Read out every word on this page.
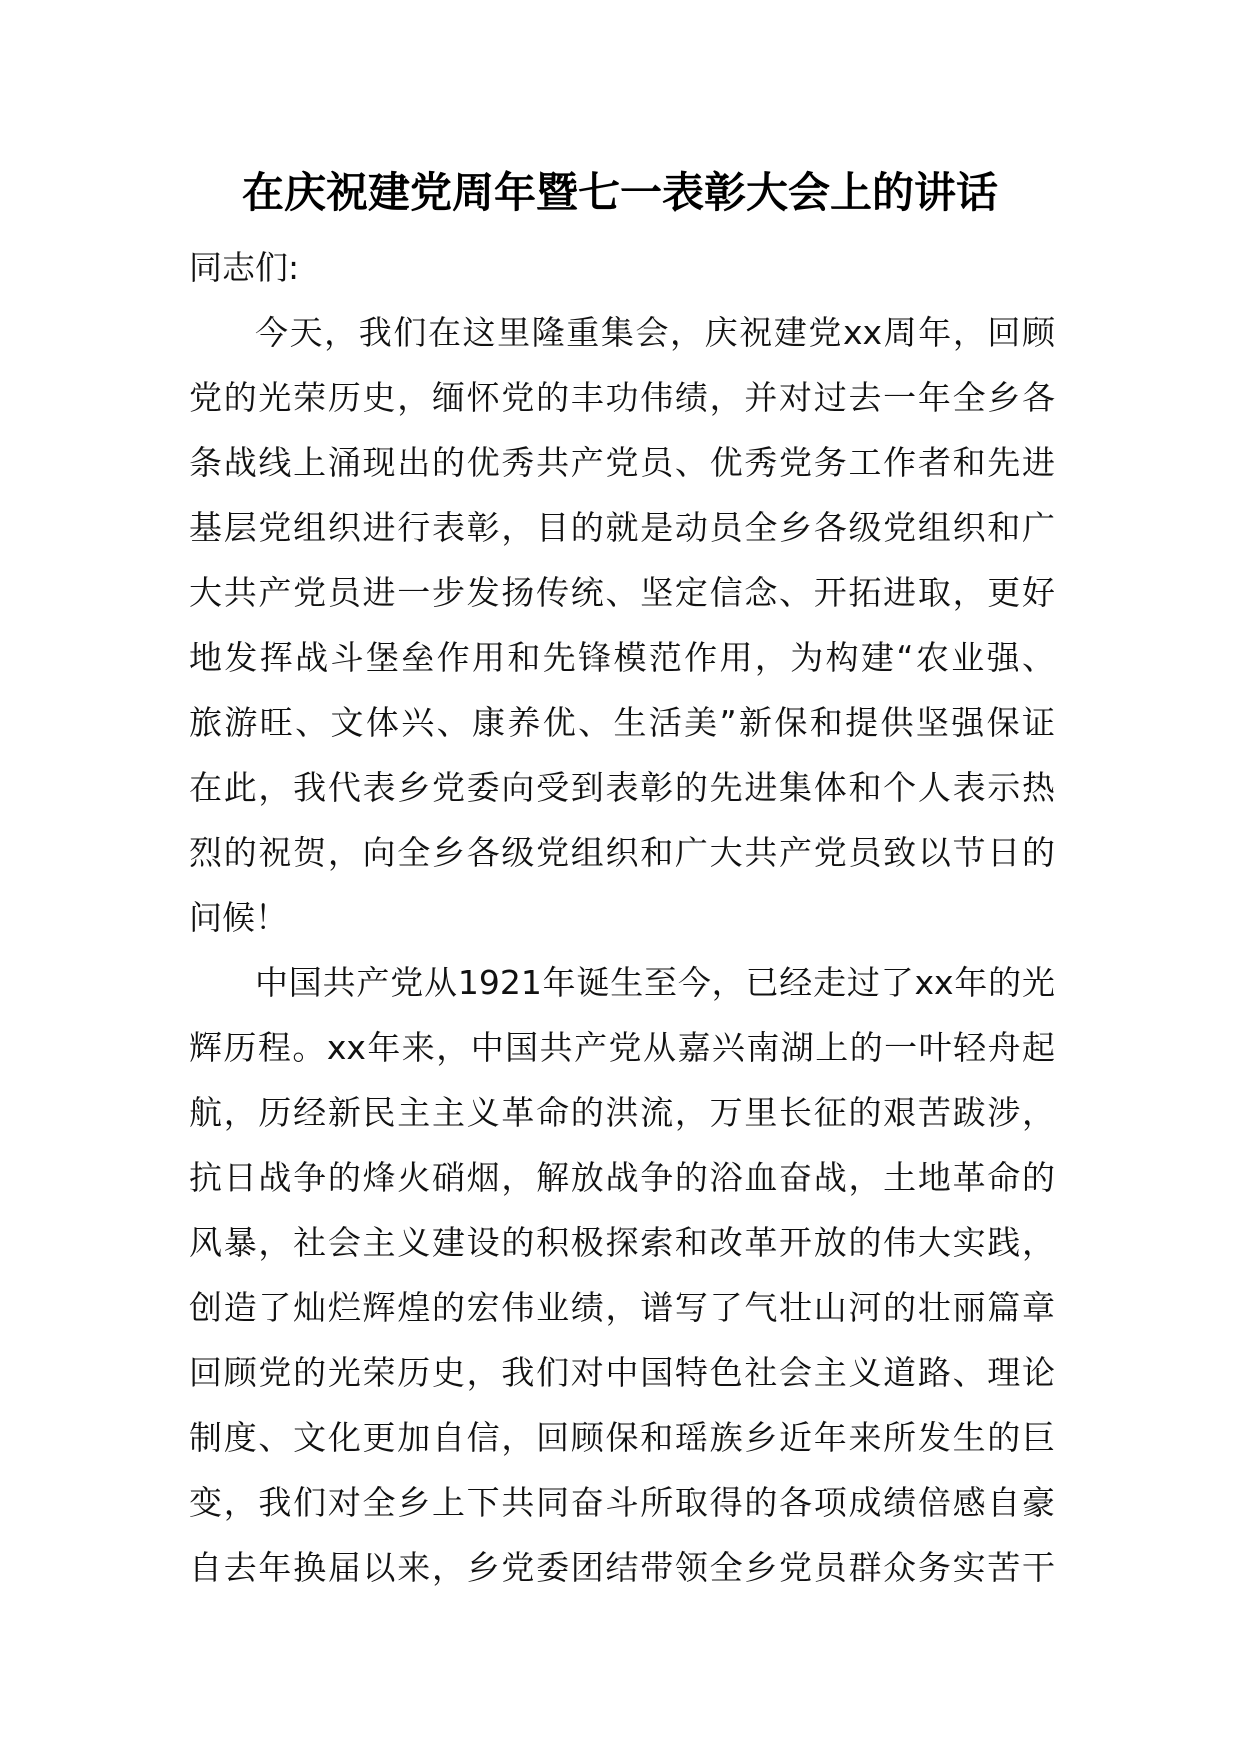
在庆祝建党周年暨七一表彰大会上的讲话
同志们:
今天，我们在这里隆重集会，庆祝建党xx周年，回顾
党的光荣历史，缅怀党的丰功伟绩，并对过去一年全乡各
条战线上涌现出的优秀共产党员、优秀党务工作者和先进
基层党组织进行表彰，目的就是动员全乡各级党组织和广
大共产党员进一步发扬传统、坚定信念、开拓进取，更好
地发挥战斗堡垒作用和先锋模范作用，为构建“农业强、
旅游旺、文体兴、康养优、生活美”新保和提供坚强保证
在此，我代表乡党委向受到表彰的先进集体和个人表示热
烈的祝贺，向全乡各级党组织和广大共产党员致以节日的
问候！
中国共产党从1921年诞生至今，已经走过了xx年的光
辉历程。xx年来，中国共产党从嘉兴南湖上的一叶轻舟起
航，历经新民主主义革命的洪流，万里长征的艰苦跋涉，
抗日战争的烽火硝烟，解放战争的浴血奋战，土地革命的
风暴，社会主义建设的积极探索和改革开放的伟大实践，
创造了灿烂辉煌的宏伟业绩，谱写了气壮山河的壮丽篇章
回顾党的光荣历史，我们对中国特色社会主义道路、理论
制度、文化更加自信，回顾保和瑶族乡近年来所发生的巨
变，我们对全乡上下共同奋斗所取得的各项成绩倍感自豪
自去年换届以来，乡党委团结带领全乡党员群众务实苦干
